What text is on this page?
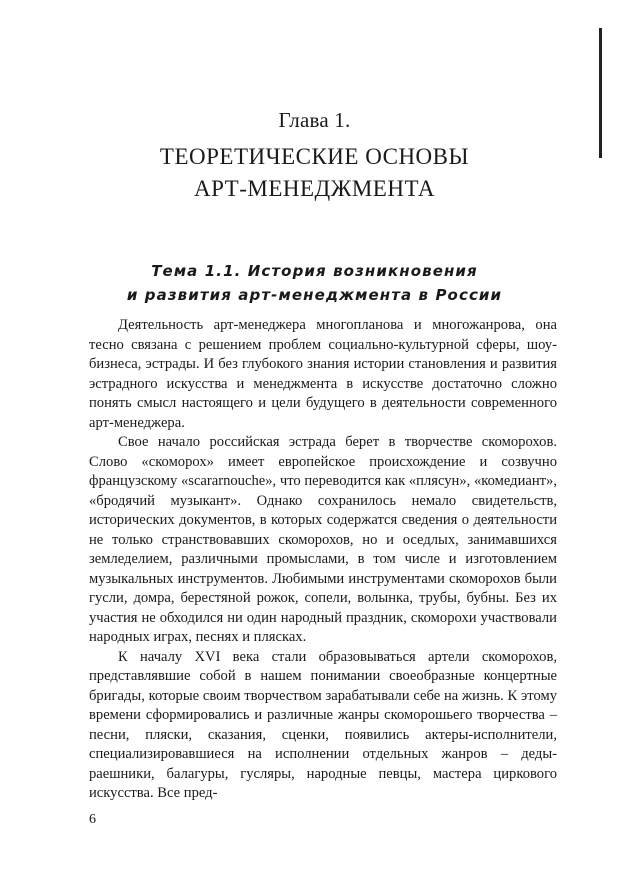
Глава 1.
ТЕОРЕТИЧЕСКИЕ ОСНОВЫ
АРТ-МЕНЕДЖМЕНТА
Тема 1.1. История возникновения
и развития арт-менеджмента в России

Деятельность арт-менеджера многопланова и многожанрова, она тесно связана с решением проблем социально-культурной сферы, шоу-бизнеса, эстрады. И без глубокого знания истории становления и развития эстрадного искусства и менеджмента в искусстве достаточно сложно понять смысл настоящего и цели будущего в деятельности современного арт-менеджера.

Свое начало российская эстрада берет в творчестве скоморохов. Слово «скоморох» имеет европейское происхождение и созвучно французскому «scararnouche», что переводится как «плясун», «комедиант», «бродячий музыкант». Однако сохранилось немало свидетельств, исторических документов, в которых содержатся сведения о деятельности не только странствовавших скоморохов, но и оседлых, занимавшихся земледелием, различными промыслами, в том числе и изготовлением музыкальных инструментов. Любимыми инструментами скоморохов были гусли, домра, берестяной рожок, сопели, волынка, трубы, бубны. Без их участия не обходился ни один народный праздник, скоморохи участвовали народных играх, песнях и плясках.

К началу XVI века стали образовываться артели скоморохов, представлявшие собой в нашем понимании своеобразные концертные бригады, которые своим творчеством зарабатывали себе на жизнь. К этому времени сформировались и различные жанры скоморошьего творчества – песни, пляски, сказания, сценки, появились актеры-исполнители, специализировавшиеся на исполнении отдельных жанров – деды-раешники, балагуры, гусляры, народные певцы, мастера циркового искусства. Все пред-

6
